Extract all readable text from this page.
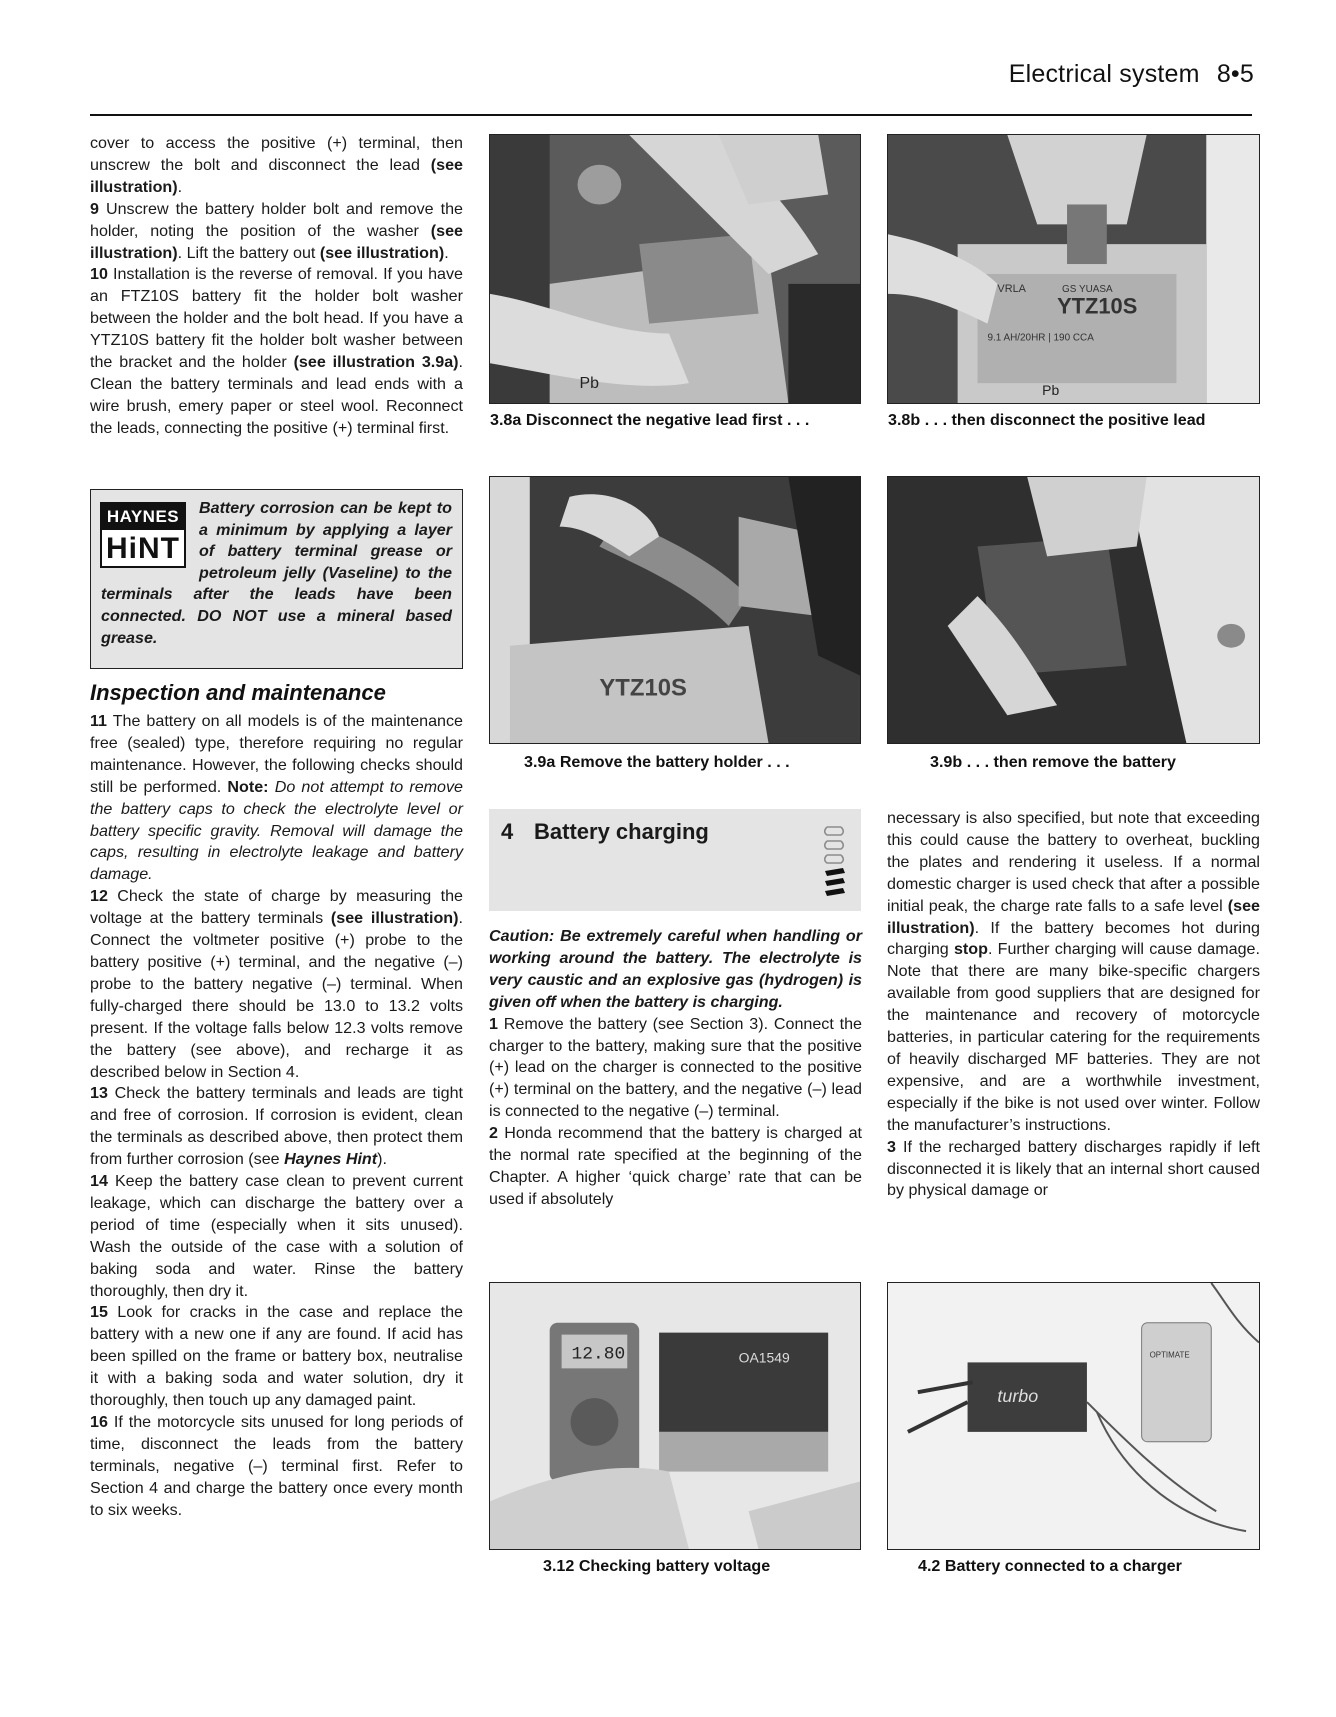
Electrical system 8•5

cover to access the positive (+) terminal, then unscrew the bolt and disconnect the lead (see illustration).

9 Unscrew the battery holder bolt and remove the holder, noting the position of the washer (see illustration). Lift the battery out (see illustration).

10 Installation is the reverse of removal. If you have an FTZ10S battery fit the holder bolt washer between the holder and the bolt head. If you have a YTZ10S battery fit the holder bolt washer between the bracket and the holder (see illustration 3.9a). Clean the battery terminals and lead ends with a wire brush, emery paper or steel wool. Reconnect the leads, connecting the positive (+) terminal first.

HAYNES
HiNT
Battery corrosion can be kept to a minimum by applying a layer of battery terminal grease or petroleum jelly (Vaseline) to the terminals after the leads have been connected. DO NOT use a mineral based grease.
Inspection and maintenance

11 The battery on all models is of the maintenance free (sealed) type, therefore requiring no regular maintenance. However, the following checks should still be performed. Note: Do not attempt to remove the battery caps to check the electrolyte level or battery specific gravity. Removal will damage the caps, resulting in electrolyte leakage and battery damage.

12 Check the state of charge by measuring the voltage at the battery terminals (see illustration). Connect the voltmeter positive (+) probe to the battery positive (+) terminal, and the negative (–) probe to the battery negative (–) terminal. When fully-charged there should be 13.0 to 13.2 volts present. If the voltage falls below 12.3 volts remove the battery (see above), and recharge it as described below in Section 4.

13 Check the battery terminals and leads are tight and free of corrosion. If corrosion is evident, clean the terminals as described above, then protect them from further corrosion (see Haynes Hint).

14 Keep the battery case clean to prevent current leakage, which can discharge the battery over a period of time (especially when it sits unused). Wash the outside of the case with a solution of baking soda and water. Rinse the battery thoroughly, then dry it.

15 Look for cracks in the case and replace the battery with a new one if any are found. If acid has been spilled on the frame or battery box, neutralise it with a baking soda and water solution, dry it thoroughly, then touch up any damaged paint.

16 If the motorcycle sits unused for long periods of time, disconnect the leads from the battery terminals, negative (–) terminal first. Refer to Section 4 and charge the battery once every month to six weeks.

4 Battery charging

Caution: Be extremely careful when handling or working around the battery. The electrolyte is very caustic and an explosive gas (hydrogen) is given off when the battery is charging.

1 Remove the battery (see Section 3). Connect the charger to the battery, making sure that the positive (+) lead on the charger is connected to the positive (+) terminal on the battery, and the negative (–) lead is connected to the negative (–) terminal.

2 Honda recommend that the battery is charged at the normal rate specified at the beginning of the Chapter. A higher ‘quick charge’ rate that can be used if absolutely

necessary is also specified, but note that exceeding this could cause the battery to overheat, buckling the plates and rendering it useless. If a normal domestic charger is used check that after a possible initial peak, the charge rate falls to a safe level (see illustration). If the battery becomes hot during charging stop. Further charging will cause damage. Note that there are many bike-specific chargers available from good suppliers that are designed for the maintenance and recovery of motorcycle batteries, in particular catering for the requirements of heavily discharged MF batteries. They are not expensive, and are a worthwhile investment, especially if the bike is not used over winter. Follow the manufacturer’s instructions.

3 If the recharged battery discharges rapidly if left disconnected it is likely that an internal short caused by physical damage or

Pb
3.8a Disconnect the negative lead first . . .
YTZ10S
VRLA	GS YUASA
9.1 AH/20HR | 190 CCA
Pb
3.8b . . . then disconnect the positive lead
YTZ10S
3.9a Remove the battery holder . . .	3.9b . . . then remove the battery
12.80	OA1549
3.12 Checking battery voltage
turbo
OPTIMATE
4.2 Battery connected to a charger
